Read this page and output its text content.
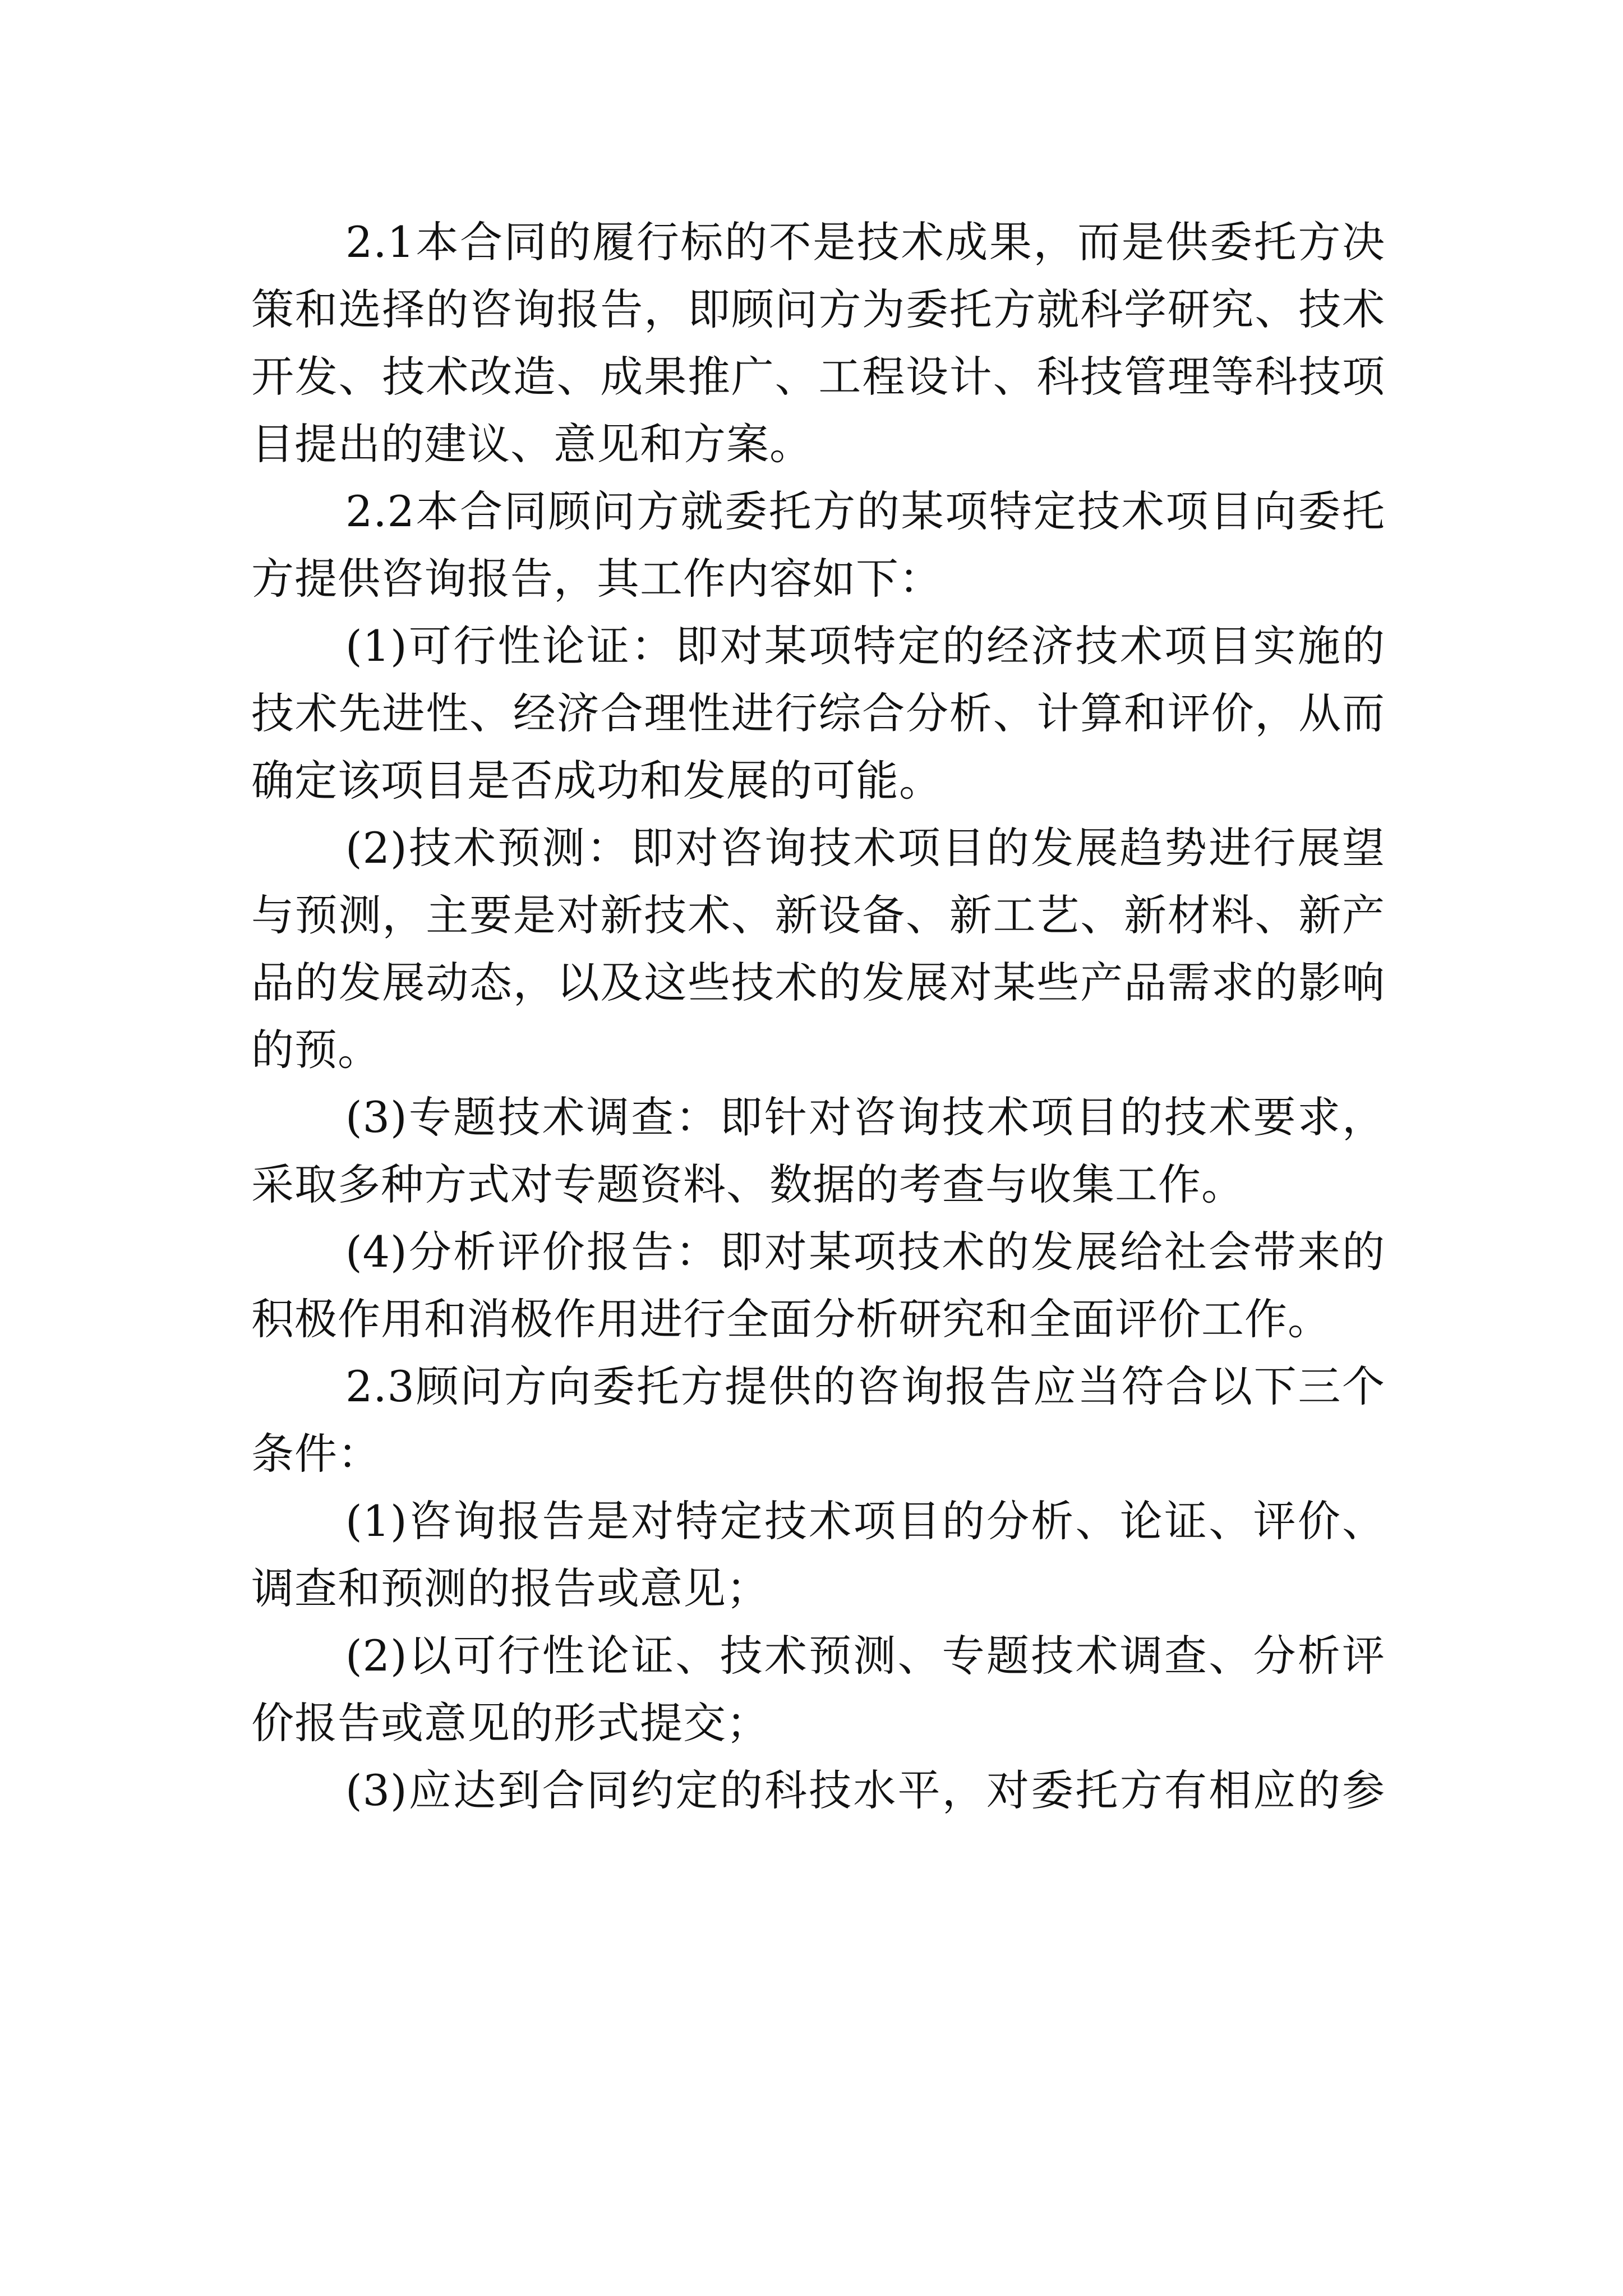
2.1本合同的履行标的不是技术成果，而是供委托方决
策和选择的咨询报告，即顾问方为委托方就科学研究、技术
开发、技术改造、成果推广、工程设计、科技管理等科技项
目提出的建议、意见和方案。
2.2本合同顾问方就委托方的某项特定技术项目向委托
方提供咨询报告，其工作内容如下：
(1)可行性论证：即对某项特定的经济技术项目实施的
技术先进性、经济合理性进行综合分析、计算和评价，从而
确定该项目是否成功和发展的可能。
(2)技术预测：即对咨询技术项目的发展趋势进行展望
与预测，主要是对新技术、新设备、新工艺、新材料、新产
品的发展动态，以及这些技术的发展对某些产品需求的影响
的预。
(3)专题技术调查：即针对咨询技术项目的技术要求，
采取多种方式对专题资料、数据的考查与收集工作。
(4)分析评价报告：即对某项技术的发展给社会带来的
积极作用和消极作用进行全面分析研究和全面评价工作。
2.3顾问方向委托方提供的咨询报告应当符合以下三个
条件：
(1)咨询报告是对特定技术项目的分析、论证、评价、
调查和预测的报告或意见；
(2)以可行性论证、技术预测、专题技术调查、分析评
价报告或意见的形式提交；
(3)应达到合同约定的科技水平，对委托方有相应的参
